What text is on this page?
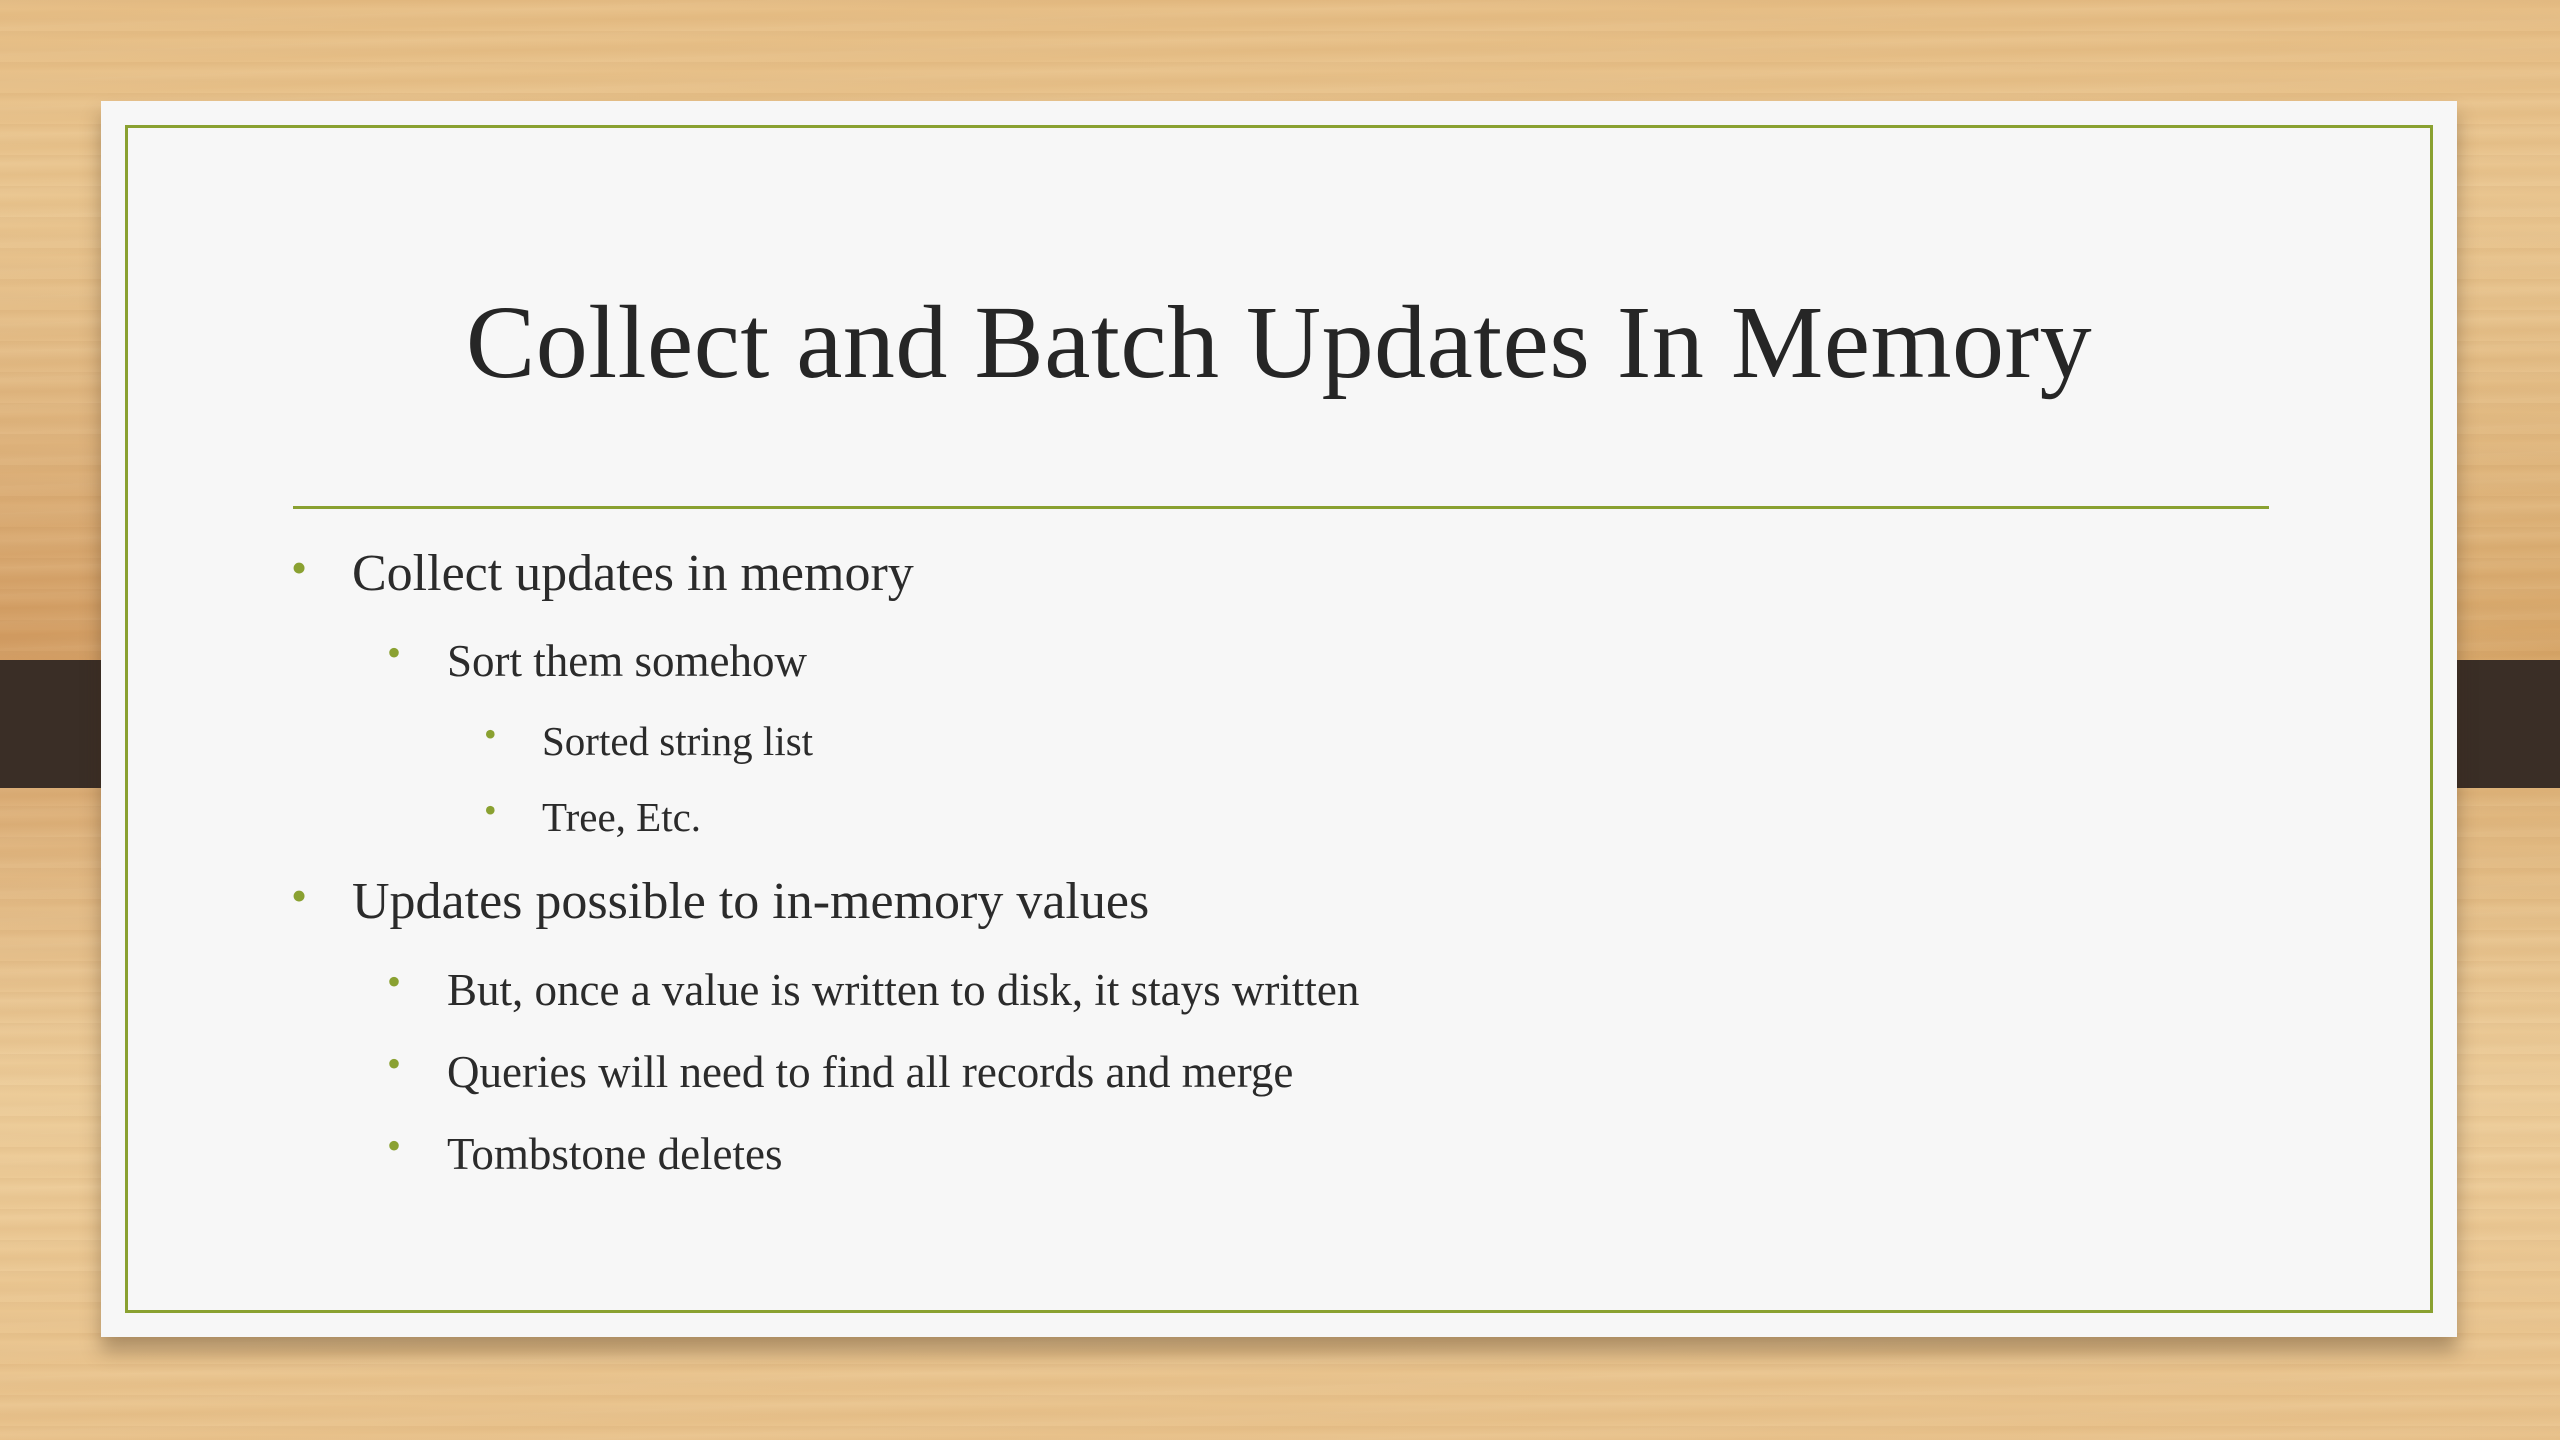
Collect and Batch Updates In Memory
• Collect updates in memory
• Sort them somehow
• Sorted string list
• Tree, Etc.
• Updates possible to in-memory values
• But, once a value is written to disk, it stays written
• Queries will need to find all records and merge
• Tombstone deletes
